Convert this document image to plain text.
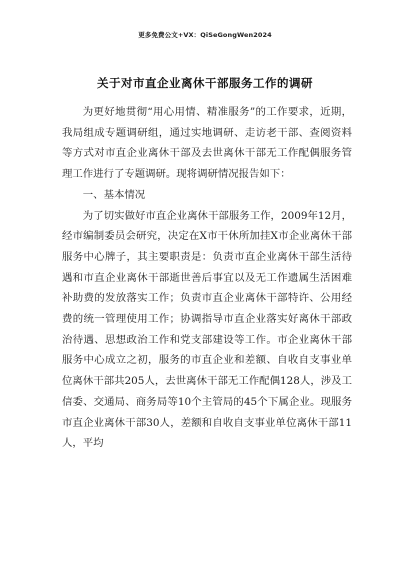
更多免费公文+VX：QiSeGongWen2024
关于对市直企业离休干部服务工作的调研

为更好地贯彻“用心用情、精准服务”的工作要求，近期，我局组成专题调研组，通过实地调研、走访老干部、查阅资料等方式对市直企业离休干部及去世离休干部无工作配偶服务管理工作进行了专题调研。现将调研情况报告如下：

一、基本情况

为了切实做好市直企业离休干部服务工作，2009年12月，经市编制委员会研究，决定在X市干休所加挂X市企业离休干部服务中心牌子，其主要职责是：负责市直企业离休干部生活待遇和市直企业离休干部逝世善后事宜以及无工作遗属生活困难补助费的发放落实工作；负责市直企业离休干部特许、公用经费的统一管理使用工作；协调指导市直企业落实好离休干部政治待遇、思想政治工作和党支部建设等工作。市企业离休干部服务中心成立之初，服务的市直企业和差额、自收自支事业单位离休干部共205人，去世离休干部无工作配偶128人，涉及工信委、交通局、商务局等10个主管局的45个下属企业。现服务市直企业离休干部30人，差额和自收自支事业单位离休干部11人，平均
